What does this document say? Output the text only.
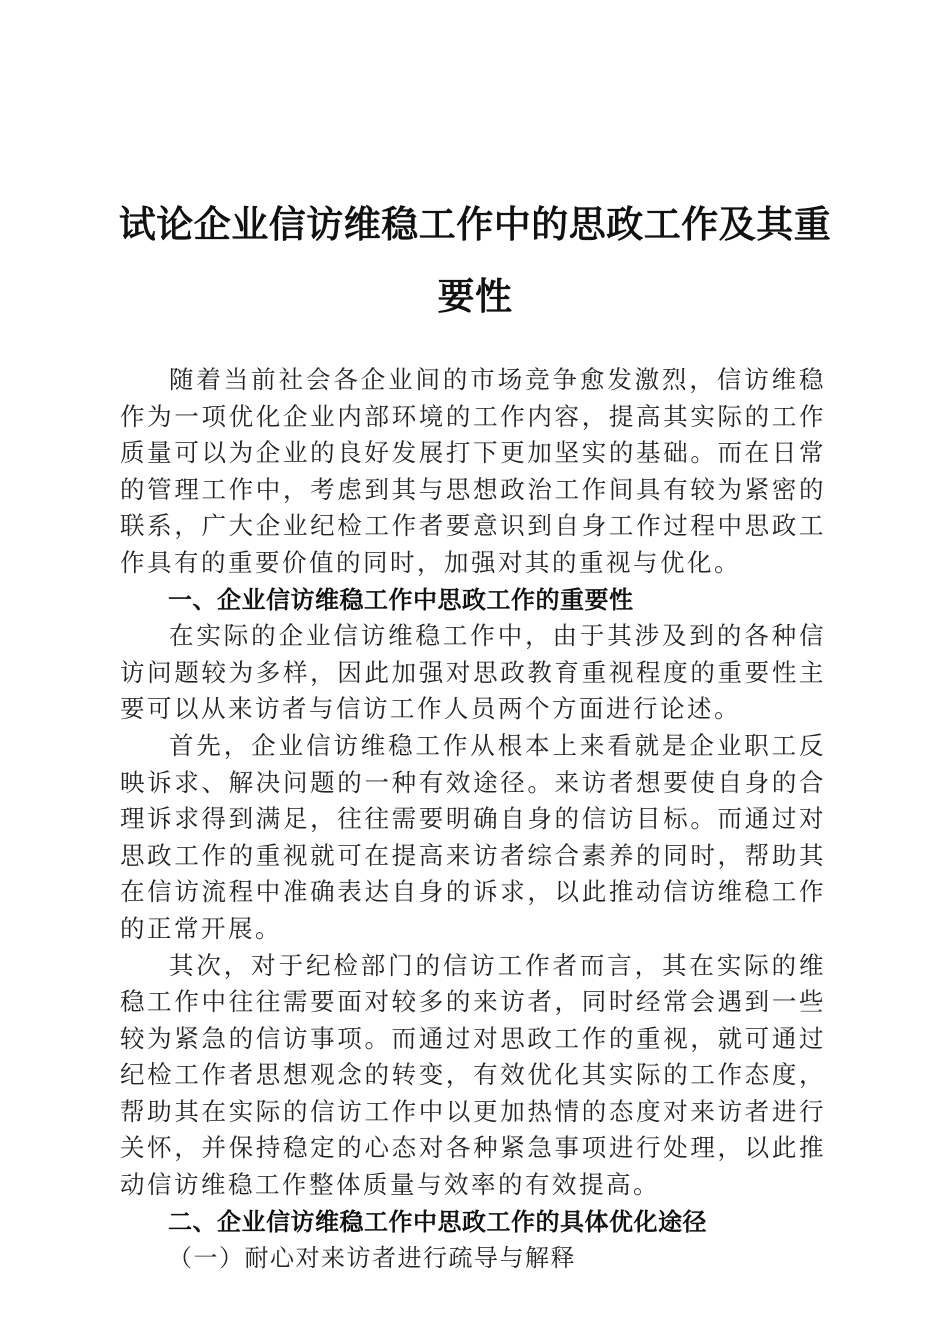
试论企业信访维稳工作中的思政工作及其重要性

随着当前社会各企业间的市场竞争愈发激烈，信访维稳作为一项优化企业内部环境的工作内容，提高其实际的工作质量可以为企业的良好发展打下更加坚实的基础。而在日常的管理工作中，考虑到其与思想政治工作间具有较为紧密的联系，广大企业纪检工作者要意识到自身工作过程中思政工作具有的重要价值的同时，加强对其的重视与优化。

一、企业信访维稳工作中思政工作的重要性

在实际的企业信访维稳工作中，由于其涉及到的各种信访问题较为多样，因此加强对思政教育重视程度的重要性主要可以从来访者与信访工作人员两个方面进行论述。

首先，企业信访维稳工作从根本上来看就是企业职工反映诉求、解决问题的一种有效途径。来访者想要使自身的合理诉求得到满足，往往需要明确自身的信访目标。而通过对思政工作的重视就可在提高来访者综合素养的同时，帮助其在信访流程中准确表达自身的诉求，以此推动信访维稳工作的正常开展。

其次，对于纪检部门的信访工作者而言，其在实际的维稳工作中往往需要面对较多的来访者，同时经常会遇到一些较为紧急的信访事项。而通过对思政工作的重视，就可通过纪检工作者思想观念的转变，有效优化其实际的工作态度，帮助其在实际的信访工作中以更加热情的态度对来访者进行关怀，并保持稳定的心态对各种紧急事项进行处理，以此推动信访维稳工作整体质量与效率的有效提高。

二、企业信访维稳工作中思政工作的具体优化途径

（一）耐心对来访者进行疏导与解释
